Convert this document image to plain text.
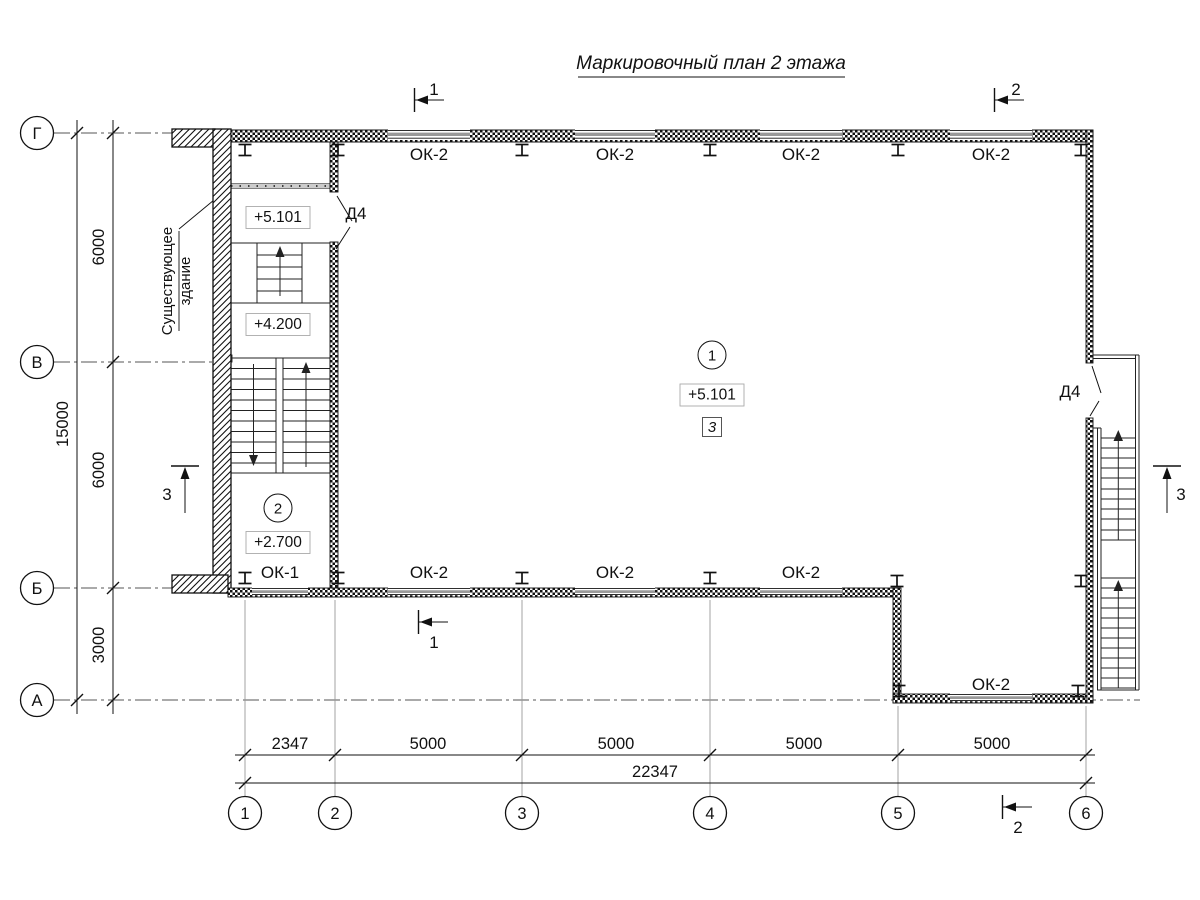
Маркировочный план 2 этажа
6000
6000
3000
15000
2347	5000	5000	5000	5000
22347
Г
В
Б
А
1	2	3	4	5	6
Существующее здание
Д4
Д4
ОК-2	ОК-2	ОК-2	ОК-2
ОК-1	ОК-2	ОК-2	ОК-2
ОК-2
1
2
+5.101
+4.200
+2.700
+5.101
3
1	2
1
2
3	3
